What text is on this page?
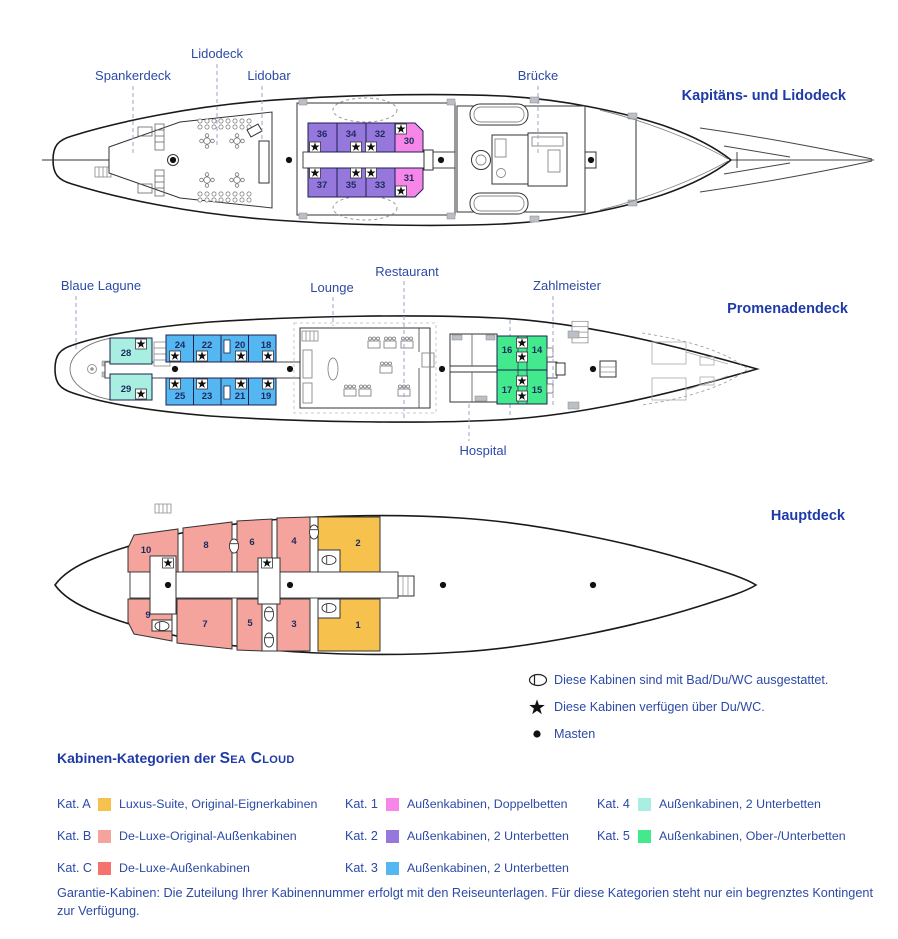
36 34 32
30
37 35 33
31
Spankerdeck
Lidodeck
Lidobar	Brücke
Kapitäns- und Lidodeck
28
29
24 22 20 18
25 23 21 19
16 14
17 15
Blaue Lagune	Lounge
Restaurant
Zahlmeister
Hospital
Promenadendeck
10	8	6	4	2
9
7	5	3	1
Hauptdeck
Diese Kabinen sind mit Bad/Du/WC ausgestattet.
Diese Kabinen verfügen über Du/WC.
Masten
Kabinen-Kategorien der Sea Cloud
Kat. A	Luxus-Suite, Original-Eignerkabinen
Kat. B	De-Luxe-Original-Außenkabinen
Kat. C	De-Luxe-Außenkabinen
Kat. 1	Außenkabinen, Doppelbetten
Kat. 2	Außenkabinen, 2 Unterbetten
Kat. 3	Außenkabinen, 2 Unterbetten
Kat. 4	Außenkabinen, 2 Unterbetten
Kat. 5	Außenkabinen, Ober-/Unterbetten
Garantie-Kabinen: Die Zuteilung Ihrer Kabinennummer erfolgt mit den Reiseunterlagen. Für diese Kategorien steht nur ein begrenztes Kontingent zur Verfügung.
